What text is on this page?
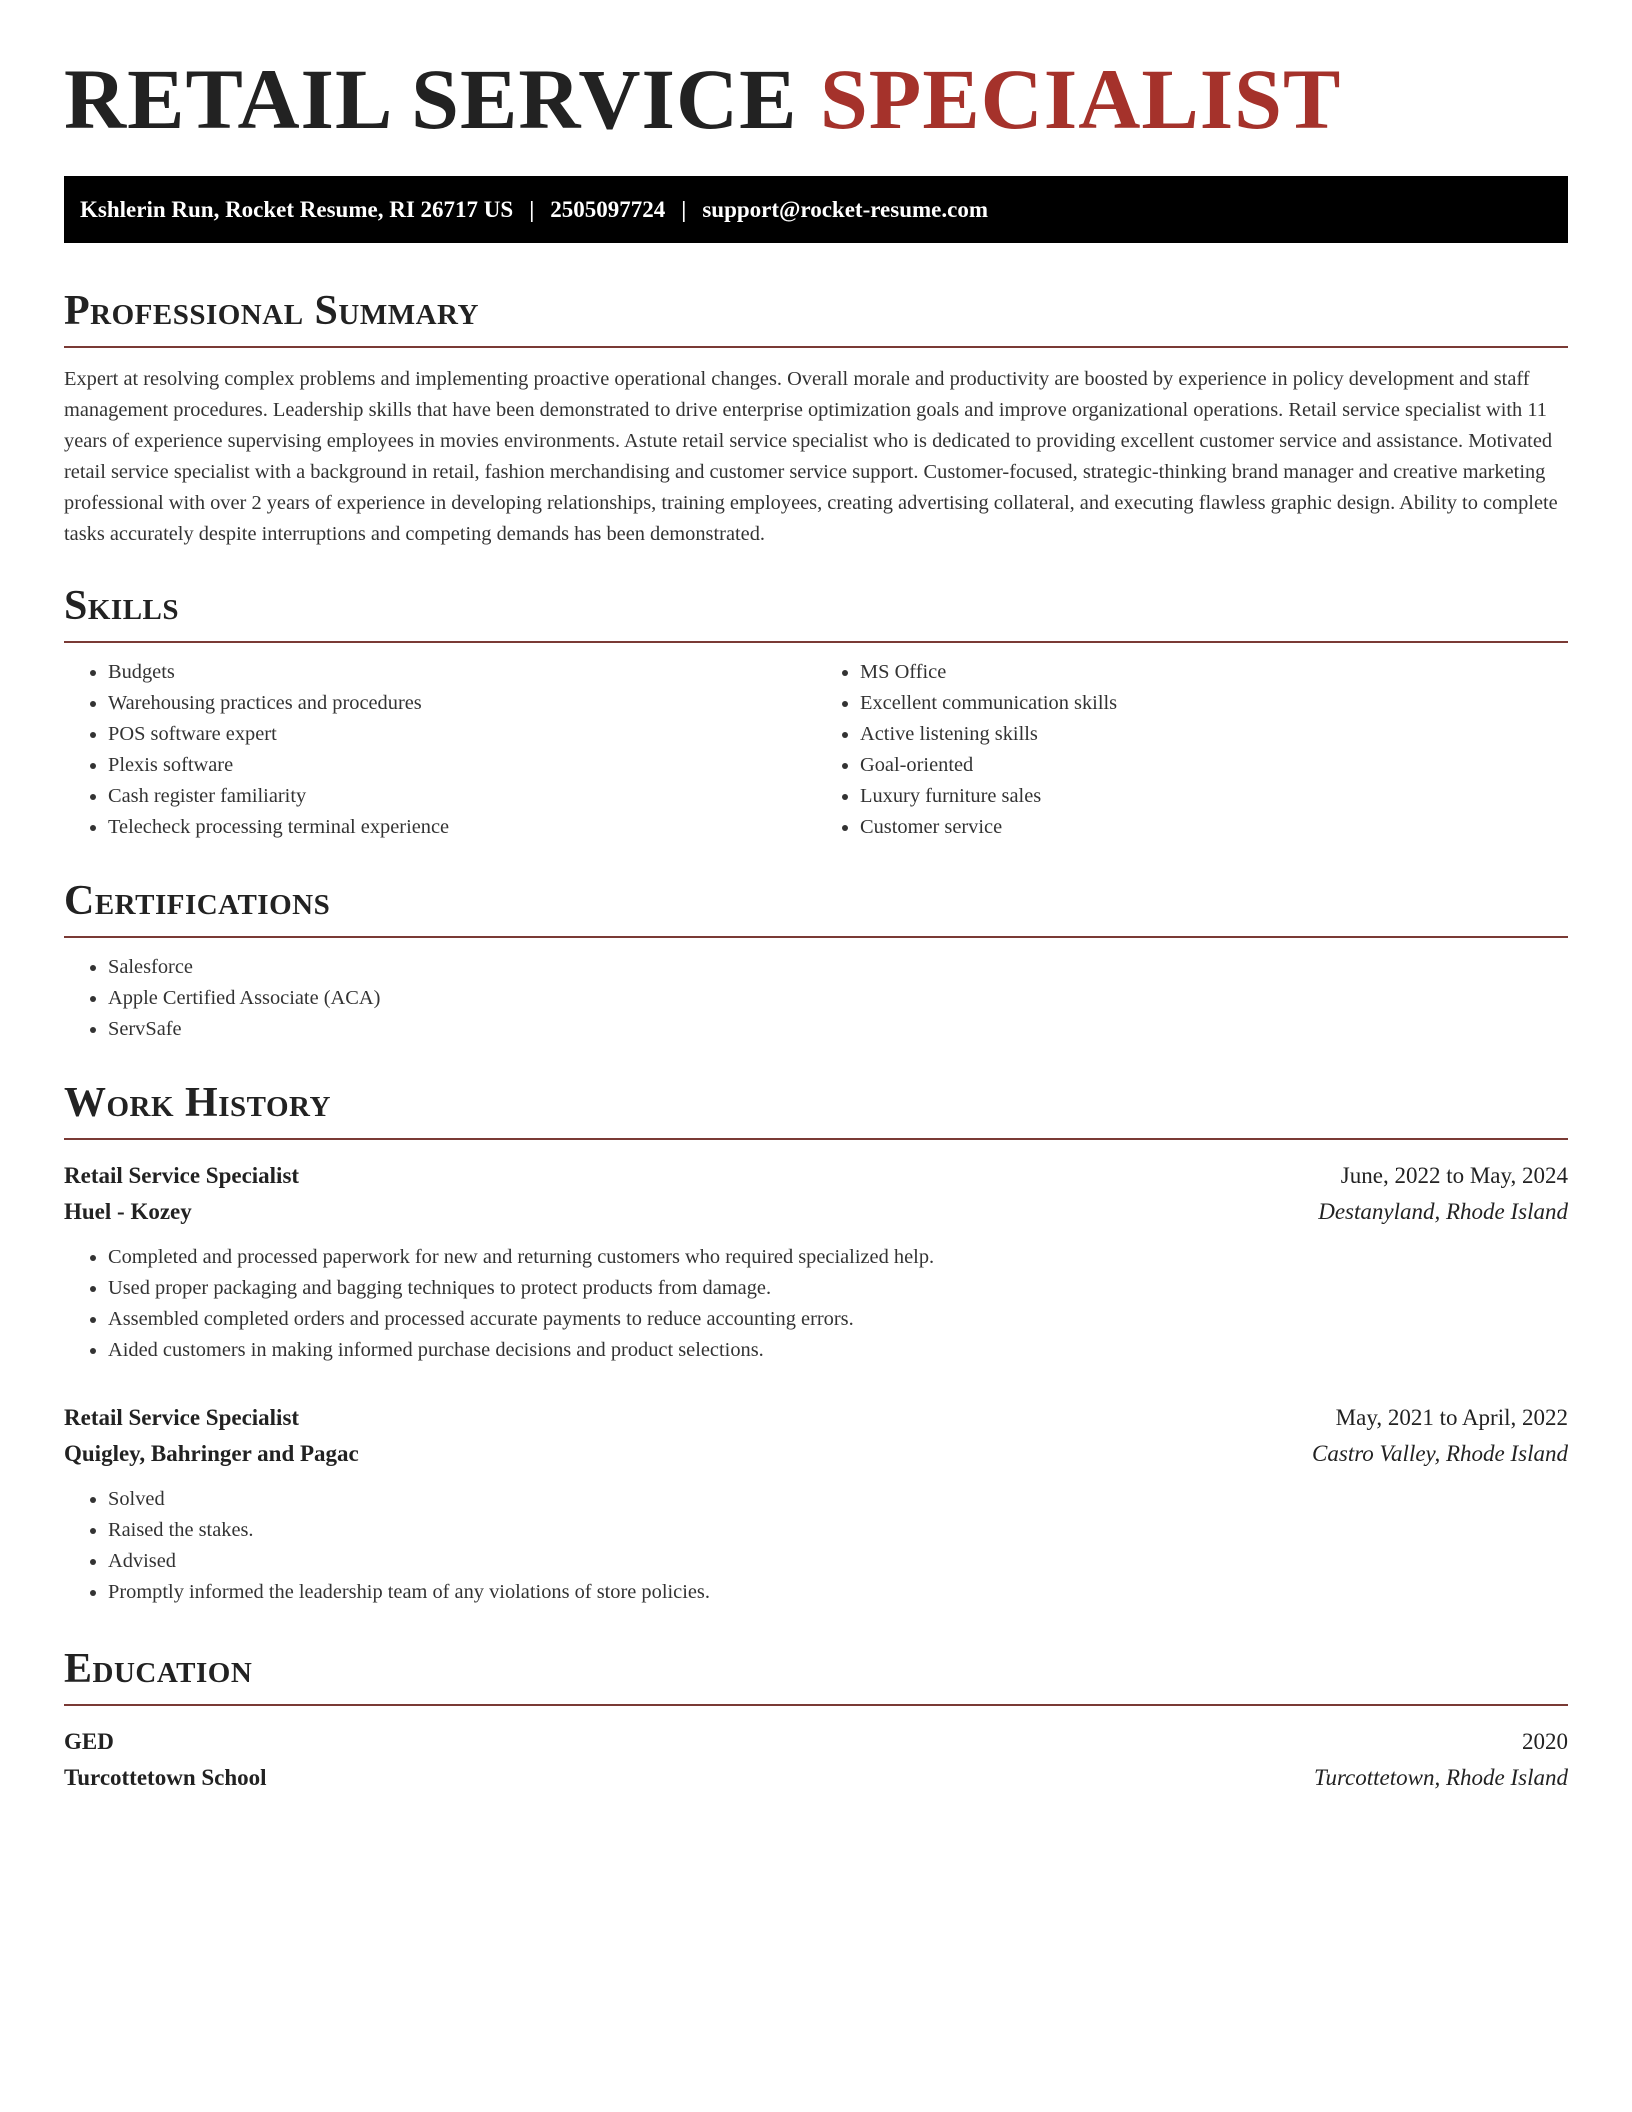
RETAIL SERVICE SPECIALIST
Kshlerin Run, Rocket Resume, RI 26717 US | 2505097724 | support@rocket-resume.com
Professional Summary

Expert at resolving complex problems and implementing proactive operational changes. Overall morale and productivity are boosted by experience in policy development and staff management procedures. Leadership skills that have been demonstrated to drive enterprise optimization goals and improve organizational operations. Retail service specialist with 11 years of experience supervising employees in movies environments. Astute retail service specialist who is dedicated to providing excellent customer service and assistance. Motivated retail service specialist with a background in retail, fashion merchandising and customer service support. Customer-focused, strategic-thinking brand manager and creative marketing professional with over 2 years of experience in developing relationships, training employees, creating advertising collateral, and executing flawless graphic design. Ability to complete tasks accurately despite interruptions and competing demands has been demonstrated.

Skills
• Budgets
• Warehousing practices and procedures
• POS software expert
• Plexis software
• Cash register familiarity
• Telecheck processing terminal experience
• MS Office
• Excellent communication skills
• Active listening skills
• Goal-oriented
• Luxury furniture sales
• Customer service
Certifications
• Salesforce
• Apple Certified Associate (ACA)
• ServSafe
Work History
Retail Service Specialist	June, 2022 to May, 2024
Huel - Kozey	Destanyland, Rhode Island
• Completed and processed paperwork for new and returning customers who required specialized help.
• Used proper packaging and bagging techniques to protect products from damage.
• Assembled completed orders and processed accurate payments to reduce accounting errors.
• Aided customers in making informed purchase decisions and product selections.
Retail Service Specialist	May, 2021 to April, 2022
Quigley, Bahringer and Pagac	Castro Valley, Rhode Island
• Solved
• Raised the stakes.
• Advised
• Promptly informed the leadership team of any violations of store policies.
Education
GED	2020
Turcottetown School	Turcottetown, Rhode Island
